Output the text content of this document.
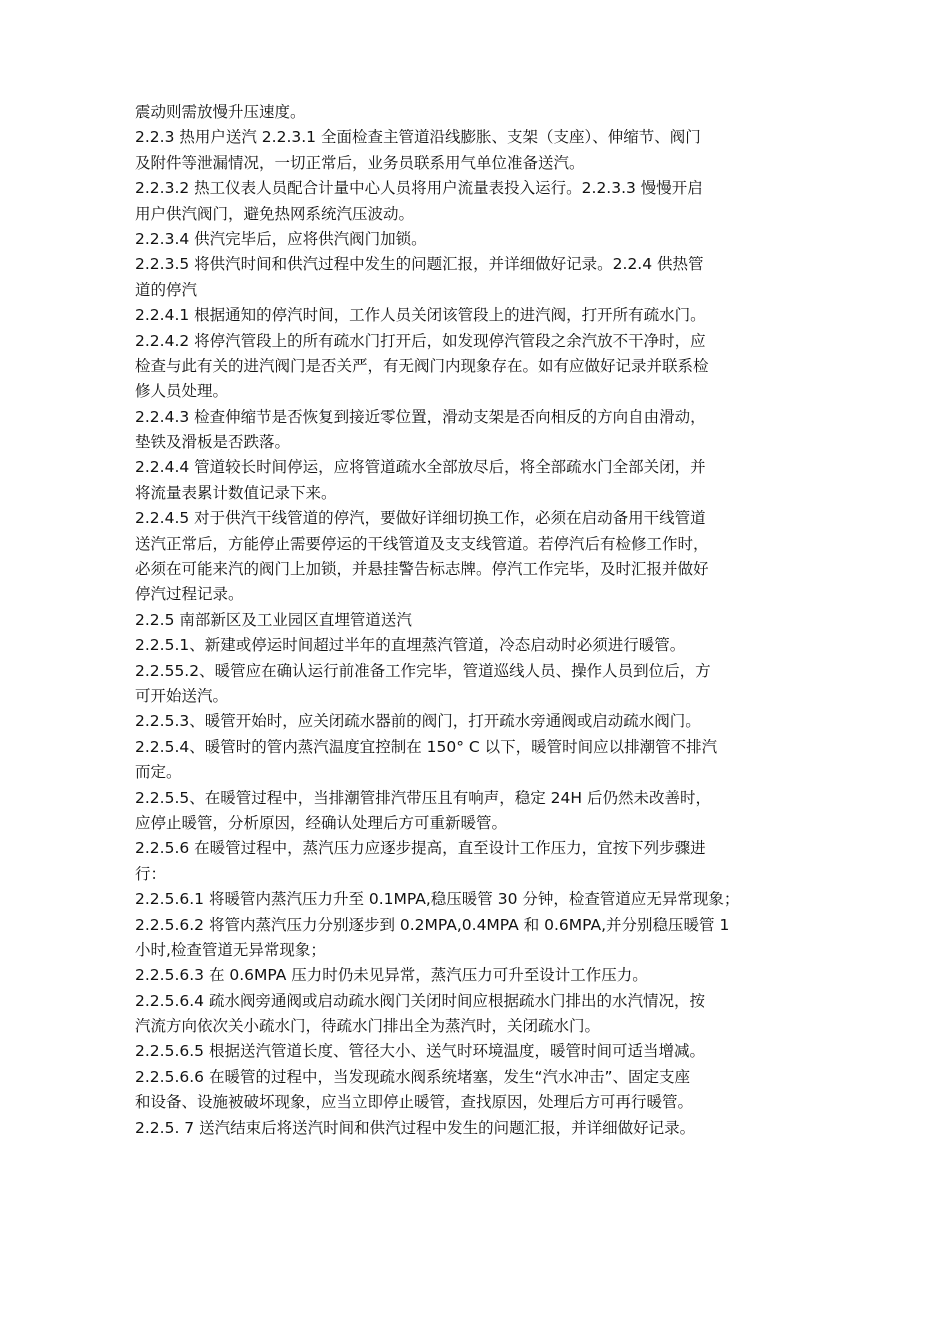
震动则需放慢升压速度。
2.2.3 热用户送汽 2.2.3.1 全面检查主管道沿线膨胀、支架（支座）、伸缩节、阀门
及附件等泄漏情况，一切正常后，业务员联系用气单位准备送汽。
2.2.3.2 热工仪表人员配合计量中心人员将用户流量表投入运行。2.2.3.3 慢慢开启
用户供汽阀门，避免热网系统汽压波动。
2.2.3.4 供汽完毕后，应将供汽阀门加锁。
2.2.3.5 将供汽时间和供汽过程中发生的问题汇报，并详细做好记录。2.2.4 供热管
道的停汽
2.2.4.1 根据通知的停汽时间，工作人员关闭该管段上的进汽阀，打开所有疏水门。
2.2.4.2 将停汽管段上的所有疏水门打开后，如发现停汽管段之余汽放不干净时，应
检查与此有关的进汽阀门是否关严，有无阀门内现象存在。如有应做好记录并联系检
修人员处理。
2.2.4.3 检查伸缩节是否恢复到接近零位置，滑动支架是否向相反的方向自由滑动，
垫铁及滑板是否跌落。
2.2.4.4 管道较长时间停运，应将管道疏水全部放尽后，将全部疏水门全部关闭，并
将流量表累计数值记录下来。
2.2.4.5 对于供汽干线管道的停汽，要做好详细切换工作，必须在启动备用干线管道
送汽正常后，方能停止需要停运的干线管道及支支线管道。若停汽后有检修工作时，
必须在可能来汽的阀门上加锁，并悬挂警告标志牌。停汽工作完毕，及时汇报并做好
停汽过程记录。
2.2.5 南部新区及工业园区直埋管道送汽
2.2.5.1、新建或停运时间超过半年的直埋蒸汽管道，冷态启动时必须进行暖管。
2.2.55.2、暖管应在确认运行前准备工作完毕，管道巡线人员、操作人员到位后，方
可开始送汽。
2.2.5.3、暖管开始时，应关闭疏水器前的阀门，打开疏水旁通阀或启动疏水阀门。
2.2.5.4、暖管时的管内蒸汽温度宜控制在 150° C 以下，暖管时间应以排潮管不排汽
而定。
2.2.5.5、在暖管过程中，当排潮管排汽带压且有响声，稳定 24H 后仍然未改善时，
应停止暖管，分析原因，经确认处理后方可重新暖管。
2.2.5.6 在暖管过程中，蒸汽压力应逐步提高，直至设计工作压力，宜按下列步骤进
行：
2.2.5.6.1 将暖管内蒸汽压力升至 0.1MPA,稳压暖管 30 分钟，检查管道应无异常现象；
2.2.5.6.2 将管内蒸汽压力分别逐步到 0.2MPA,0.4MPA 和 0.6MPA,并分别稳压暖管 1
小时,检查管道无异常现象；
2.2.5.6.3 在 0.6MPA 压力时仍未见异常，蒸汽压力可升至设计工作压力。
2.2.5.6.4 疏水阀旁通阀或启动疏水阀门关闭时间应根据疏水门排出的水汽情况，按
汽流方向依次关小疏水门，待疏水门排出全为蒸汽时，关闭疏水门。
2.2.5.6.5 根据送汽管道长度、管径大小、送气时环境温度，暖管时间可适当增减。
2.2.5.6.6 在暖管的过程中，当发现疏水阀系统堵塞，发生“汽水冲击”、固定支座
和设备、设施被破坏现象，应当立即停止暖管，查找原因，处理后方可再行暖管。
2.2.5. 7 送汽结束后将送汽时间和供汽过程中发生的问题汇报，并详细做好记录。
